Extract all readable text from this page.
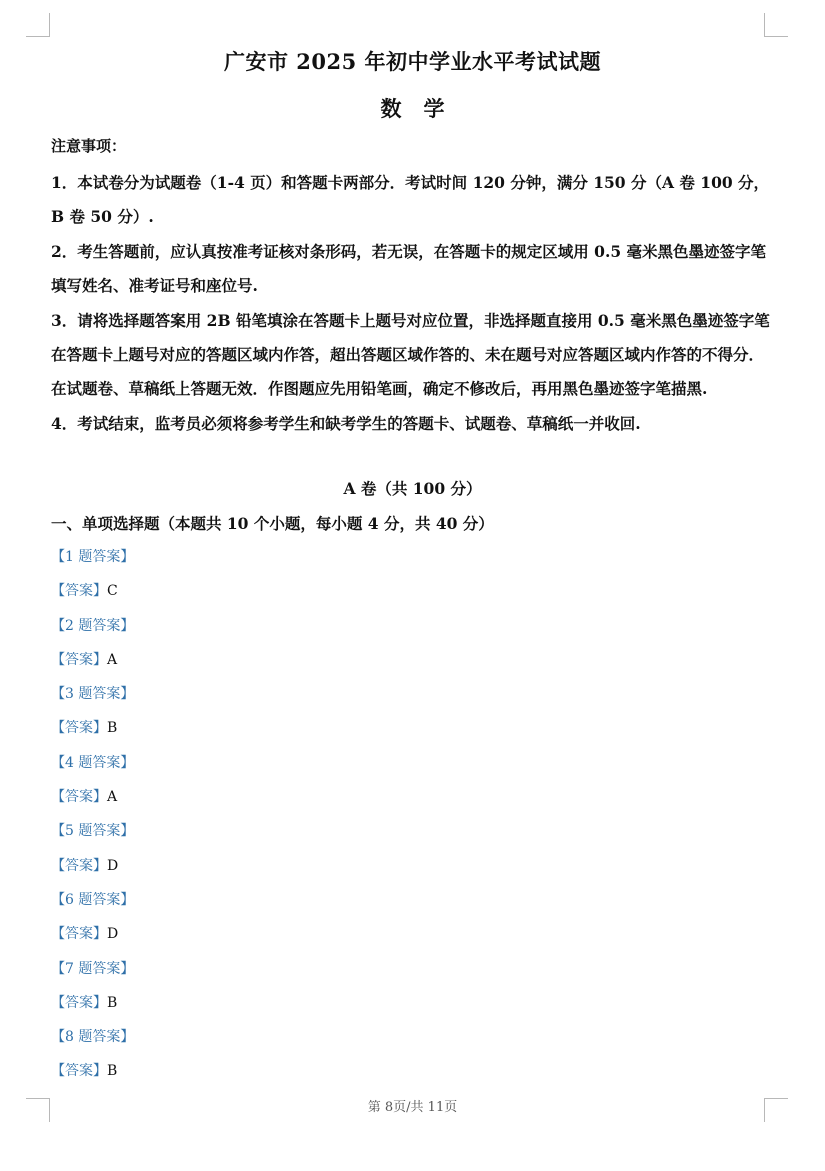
广安市 2025 年初中学业水平考试试题
数学
注意事项：

1．本试卷分为试题卷（1-4 页）和答题卡两部分．考试时间 120 分钟，满分 150 分（A 卷 100 分，B 卷 50 分）.

2．考生答题前，应认真按准考证核对条形码，若无误，在答题卡的规定区域用 0.5 毫米黑色墨迹签字笔填写姓名、准考证号和座位号.

3．请将选择题答案用 2B 铅笔填涂在答题卡上题号对应位置，非选择题直接用 0.5 毫米黑色墨迹签字笔在答题卡上题号对应的答题区域内作答，超出答题区域作答的、未在题号对应答题区域内作答的不得分．在试题卷、草稿纸上答题无效．作图题应先用铅笔画，确定不修改后，再用黑色墨迹签字笔描黑.

4．考试结束，监考员必须将参考学生和缺考学生的答题卡、试题卷、草稿纸一并收回.

A 卷（共 100 分）
一、单项选择题（本题共 10 个小题，每小题 4 分，共 40 分）
【1 题答案】
【答案】C
【2 题答案】
【答案】A
【3 题答案】
【答案】B
【4 题答案】
【答案】A
【5 题答案】
【答案】D
【6 题答案】
【答案】D
【7 题答案】
【答案】B
【8 题答案】
【答案】B
第 8页/共 11页
